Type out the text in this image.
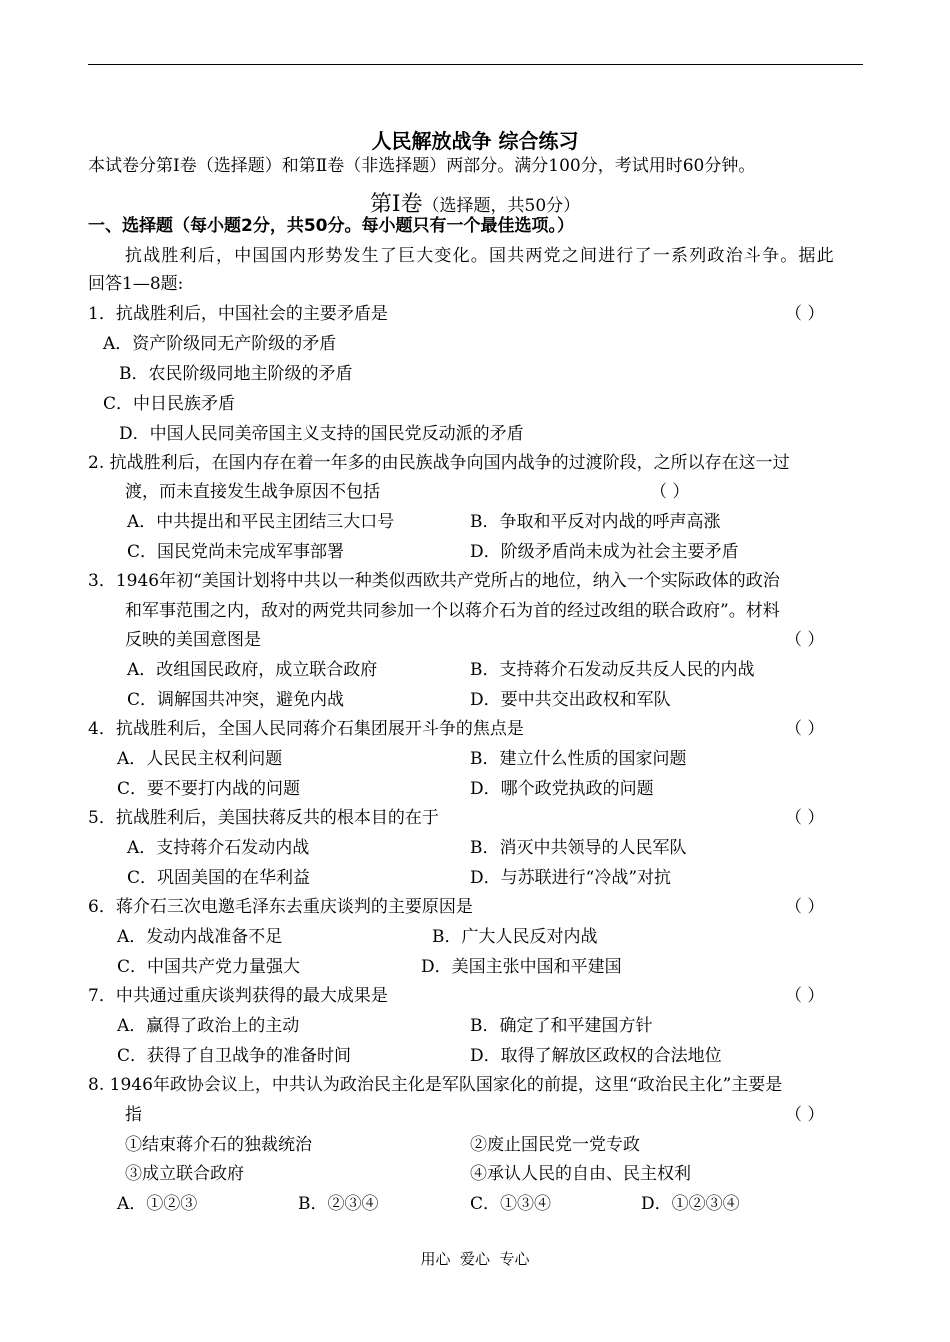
人民解放战争 综合练习
本试卷分第Ⅰ卷（选择题）和第Ⅱ卷（非选择题）两部分。满分100分，考试用时60分钟。
第Ⅰ卷（选择题，共50分）
一、选择题（每小题2分，共50分。每小题只有一个最佳选项。）
抗战胜利后，中国国内形势发生了巨大变化。国共两党之间进行了一系列政治斗争。据此
回答1—8题:
1．抗战胜利后，中国社会的主要矛盾是	（ ）
A．资产阶级同无产阶级的矛盾
B．农民阶级同地主阶级的矛盾
C．中日民族矛盾
D．中国人民同美帝国主义支持的国民党反动派的矛盾
2. 抗战胜利后，在国内存在着一年多的由民族战争向国内战争的过渡阶段，之所以存在这一过
渡，而未直接发生战争原因不包括	（ ）
A．中共提出和平民主团结三大口号	B．争取和平反对内战的呼声高涨
C．国民党尚未完成军事部署	D．阶级矛盾尚未成为社会主要矛盾
3．1946年初“美国计划将中共以一种类似西欧共产党所占的地位，纳入一个实际政体的政治
和军事范围之内，敌对的两党共同参加一个以蒋介石为首的经过改组的联合政府”。材料
反映的美国意图是	（ ）
A．改组国民政府，成立联合政府	B．支持蒋介石发动反共反人民的内战
C．调解国共冲突，避免内战	D．要中共交出政权和军队
4．抗战胜利后，全国人民同蒋介石集团展开斗争的焦点是	（ ）
A．人民民主权利问题	B．建立什么性质的国家问题
C．要不要打内战的问题	D．哪个政党执政的问题
5．抗战胜利后，美国扶蒋反共的根本目的在于	（ ）
A．支持蒋介石发动内战	B．消灭中共领导的人民军队
C．巩固美国的在华利益	D．与苏联进行“冷战”对抗
6．蒋介石三次电邀毛泽东去重庆谈判的主要原因是	（ ）
A．发动内战准备不足	B．广大人民反对内战
C．中国共产党力量强大	D．美国主张中国和平建国
7．中共通过重庆谈判获得的最大成果是	（ ）
A．赢得了政治上的主动	B．确定了和平建国方针
C．获得了自卫战争的准备时间	D．取得了解放区政权的合法地位
8. 1946年政协会议上，中共认为政治民主化是军队国家化的前提，这里“政治民主化”主要是
指	（ ）
①结束蒋介石的独裁统治	②废止国民党一党专政
③成立联合政府	④承认人民的自由、民主权利
A．①②③	B．②③④	C．①③④	D．①②③④
用心  爱心  专心
